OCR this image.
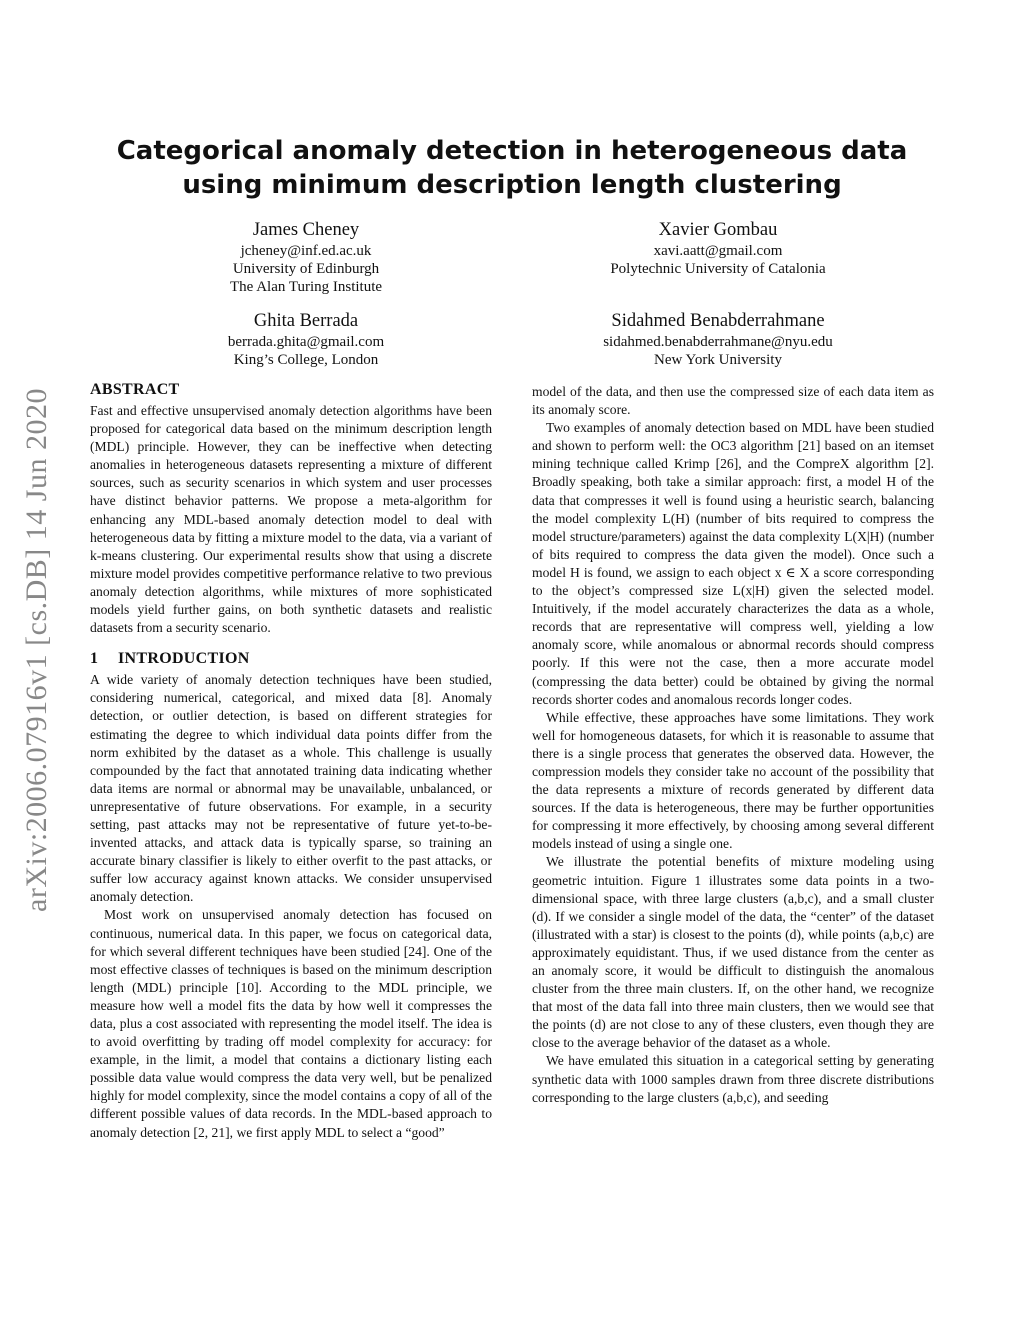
arXiv:2006.07916v1 [cs.DB] 14 Jun 2020
Categorical anomaly detection in heterogeneous data using minimum description length clustering
James Cheney
jcheney@inf.ed.ac.uk
University of Edinburgh
The Alan Turing Institute
Xavier Gombau
xavi.aatt@gmail.com
Polytechnic University of Catalonia
Ghita Berrada
berrada.ghita@gmail.com
King’s College, London
Sidahmed Benabderrahmane
sidahmed.benabderrahmane@nyu.edu
New York University
ABSTRACT

Fast and effective unsupervised anomaly detection algorithms have been proposed for categorical data based on the minimum description length (MDL) principle. However, they can be ineffective when detecting anomalies in heterogeneous datasets representing a mixture of different sources, such as security scenarios in which system and user processes have distinct behavior patterns. We propose a meta-algorithm for enhancing any MDL-based anomaly detection model to deal with heterogeneous data by fitting a mixture model to the data, via a variant of k-means clustering. Our experimental results show that using a discrete mixture model provides competitive performance relative to two previous anomaly detection algorithms, while mixtures of more sophisticated models yield further gains, on both synthetic datasets and realistic datasets from a security scenario.

1 INTRODUCTION

A wide variety of anomaly detection techniques have been studied, considering numerical, categorical, and mixed data [8]. Anomaly detection, or outlier detection, is based on different strategies for estimating the degree to which individual data points differ from the norm exhibited by the dataset as a whole. This challenge is usually compounded by the fact that annotated training data indicating whether data items are normal or abnormal may be unavailable, unbalanced, or unrepresentative of future observations. For example, in a security setting, past attacks may not be representative of future yet-to-be-invented attacks, and attack data is typically sparse, so training an accurate binary classifier is likely to either overfit to the past attacks, or suffer low accuracy against known attacks. We consider unsupervised anomaly detection.

Most work on unsupervised anomaly detection has focused on continuous, numerical data. In this paper, we focus on categorical data, for which several different techniques have been studied [24]. One of the most effective classes of techniques is based on the minimum description length (MDL) principle [10]. According to the MDL principle, we measure how well a model fits the data by how well it compresses the data, plus a cost associated with representing the model itself. The idea is to avoid overfitting by trading off model complexity for accuracy: for example, in the limit, a model that contains a dictionary listing each possible data value would compress the data very well, but be penalized highly for model complexity, since the model contains a copy of all of the different possible values of data records. In the MDL-based approach to anomaly detection [2, 21], we first apply MDL to select a “good”

model of the data, and then use the compressed size of each data item as its anomaly score.

Two examples of anomaly detection based on MDL have been studied and shown to perform well: the OC3 algorithm [21] based on an itemset mining technique called Krimp [26], and the CompreX algorithm [2]. Broadly speaking, both take a similar approach: first, a model H of the data that compresses it well is found using a heuristic search, balancing the model complexity L(H) (number of bits required to compress the model structure/parameters) against the data complexity L(X|H) (number of bits required to compress the data given the model). Once such a model H is found, we assign to each object x ∈ X a score corresponding to the object’s compressed size L(x|H) given the selected model. Intuitively, if the model accurately characterizes the data as a whole, records that are representative will compress well, yielding a low anomaly score, while anomalous or abnormal records should compress poorly. If this were not the case, then a more accurate model (compressing the data better) could be obtained by giving the normal records shorter codes and anomalous records longer codes.

While effective, these approaches have some limitations. They work well for homogeneous datasets, for which it is reasonable to assume that there is a single process that generates the observed data. However, the compression models they consider take no account of the possibility that the data represents a mixture of records generated by different data sources. If the data is heterogeneous, there may be further opportunities for compressing it more effectively, by choosing among several different models instead of using a single one.

We illustrate the potential benefits of mixture modeling using geometric intuition. Figure 1 illustrates some data points in a two-dimensional space, with three large clusters (a,b,c), and a small cluster (d). If we consider a single model of the data, the “center” of the dataset (illustrated with a star) is closest to the points (d), while points (a,b,c) are approximately equidistant. Thus, if we used distance from the center as an anomaly score, it would be difficult to distinguish the anomalous cluster from the three main clusters. If, on the other hand, we recognize that most of the data fall into three main clusters, then we would see that the points (d) are not close to any of these clusters, even though they are close to the average behavior of the dataset as a whole.

We have emulated this situation in a categorical setting by generating synthetic data with 1000 samples drawn from three discrete distributions corresponding to the large clusters (a,b,c), and seeding
